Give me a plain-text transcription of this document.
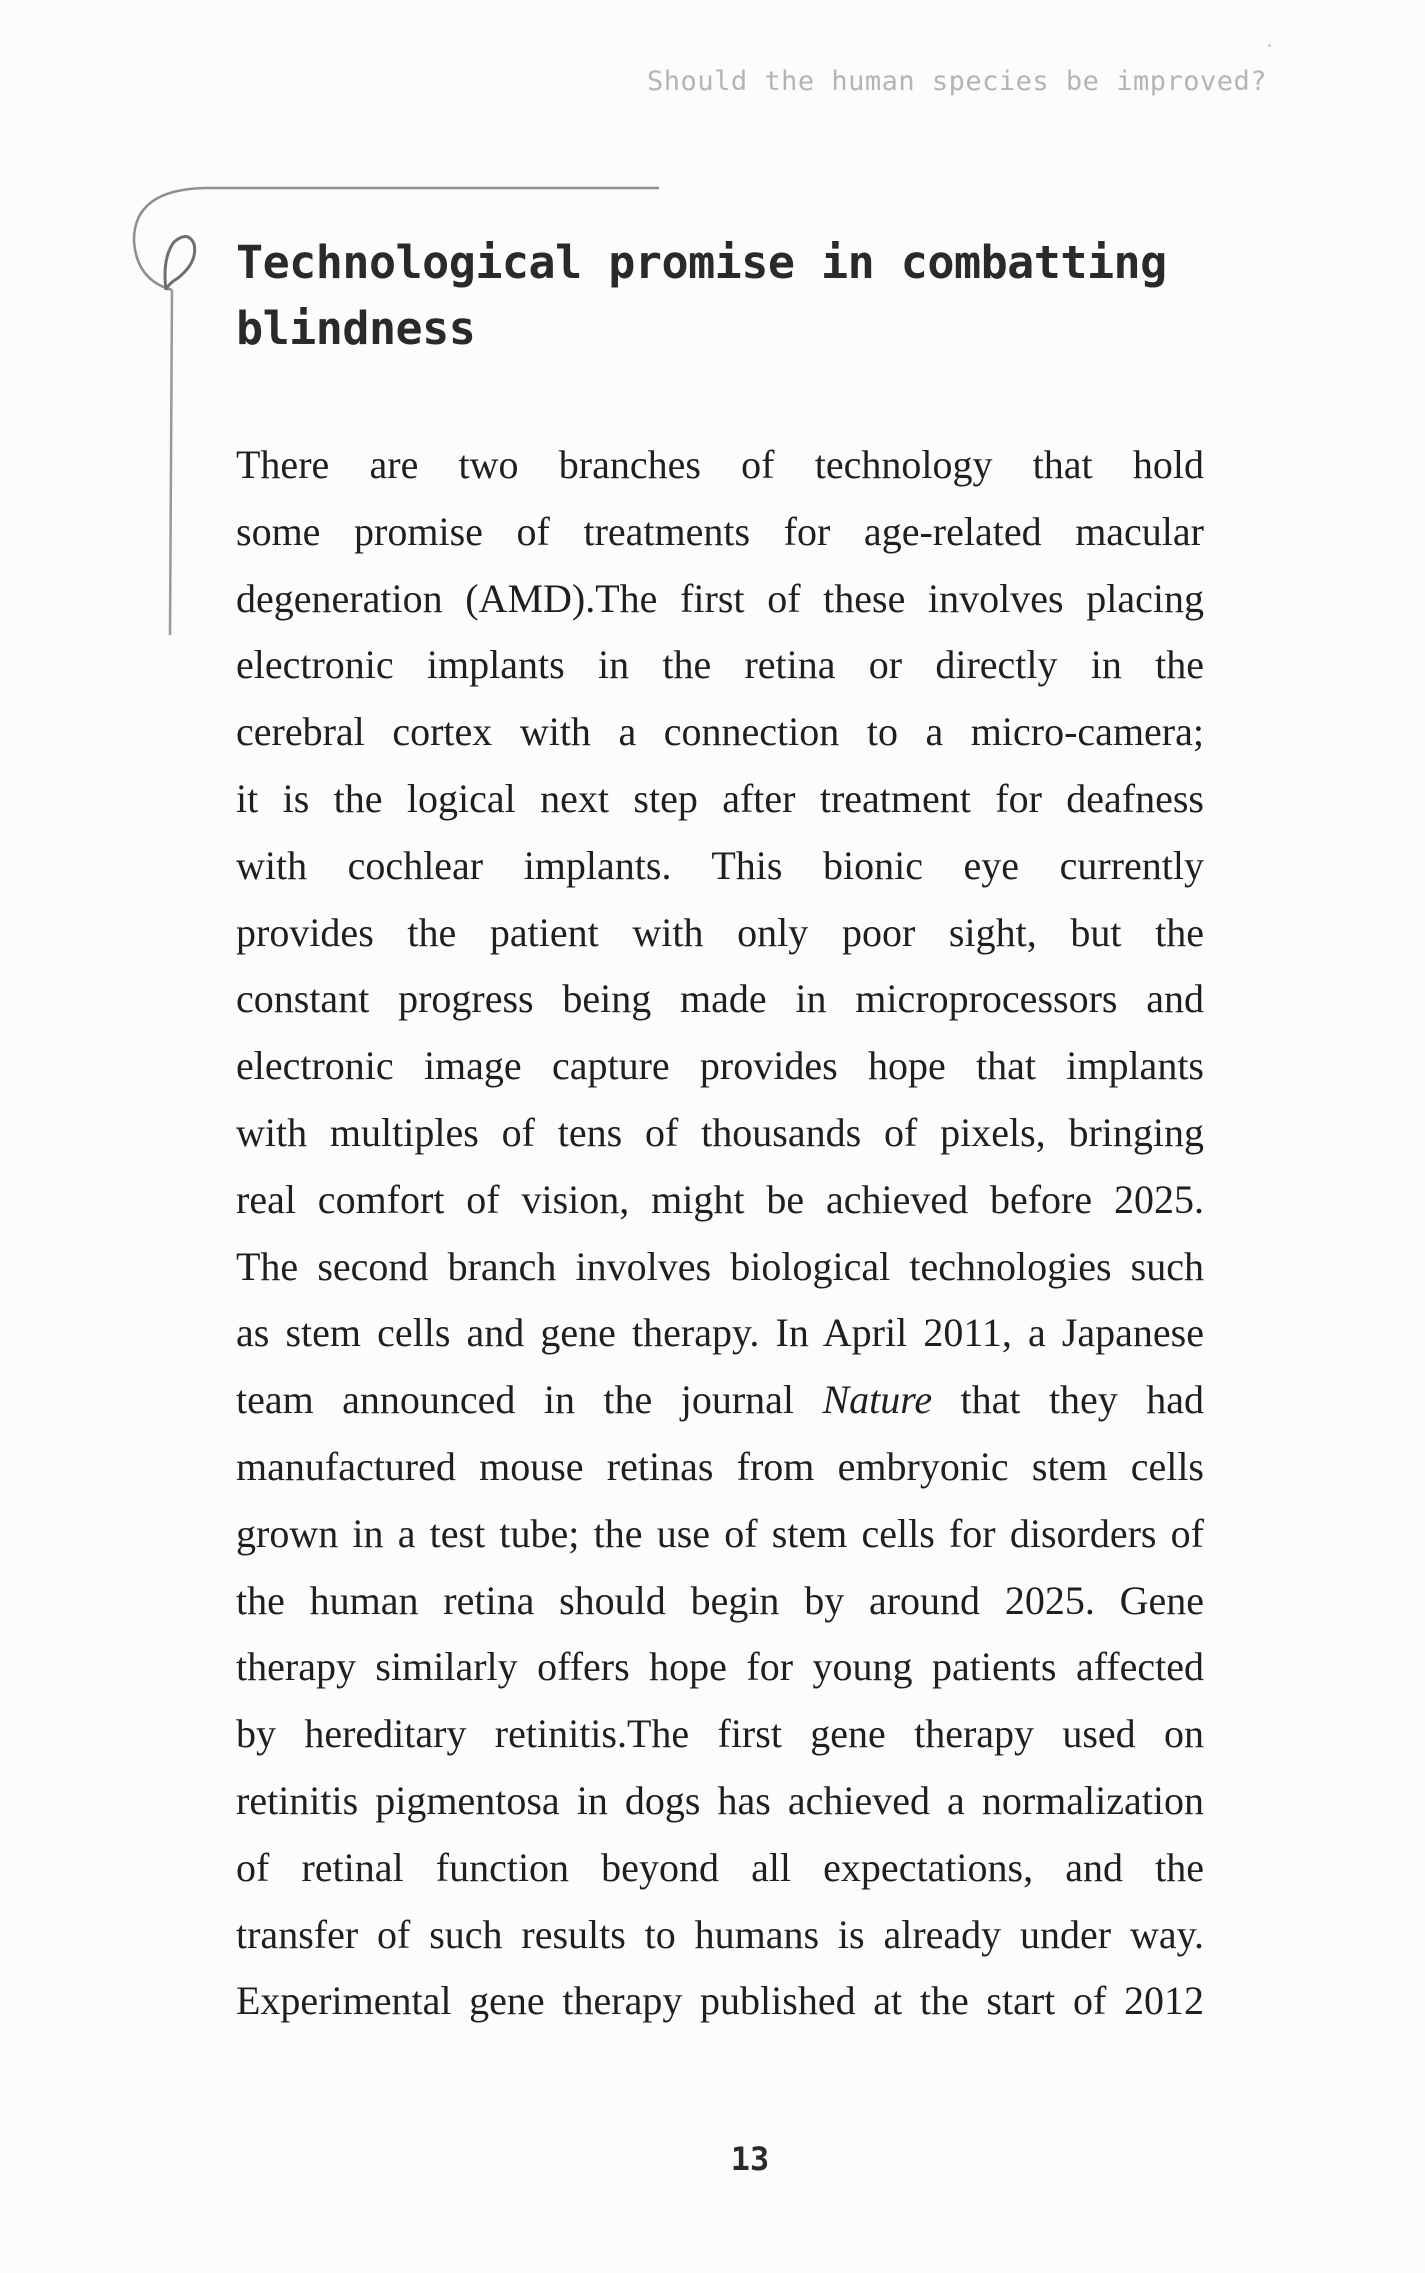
Should the human species be improved?
Technological promise in combatting blindness
There are two branches of technology that hold
some promise of treatments for age-related macular
degeneration (AMD).The first of these involves placing
electronic implants in the retina or directly in the
cerebral cortex with a connection to a micro-camera;
it is the logical next step after treatment for deafness
with cochlear implants. This bionic eye currently
provides the patient with only poor sight, but the
constant progress being made in microprocessors and
electronic image capture provides hope that implants
with multiples of tens of thousands of pixels, bringing
real comfort of vision, might be achieved before 2025.
The second branch involves biological technologies such
as stem cells and gene therapy. In April 2011, a Japanese
team announced in the journal Nature that they had
manufactured mouse retinas from embryonic stem cells
grown in a test tube; the use of stem cells for disorders of
the human retina should begin by around 2025. Gene
therapy similarly offers hope for young patients affected
by hereditary retinitis.The first gene therapy used on
retinitis pigmentosa in dogs has achieved a normalization
of retinal function beyond all expectations, and the
transfer of such results to humans is already under way.
Experimental gene therapy published at the start of 2012
13
